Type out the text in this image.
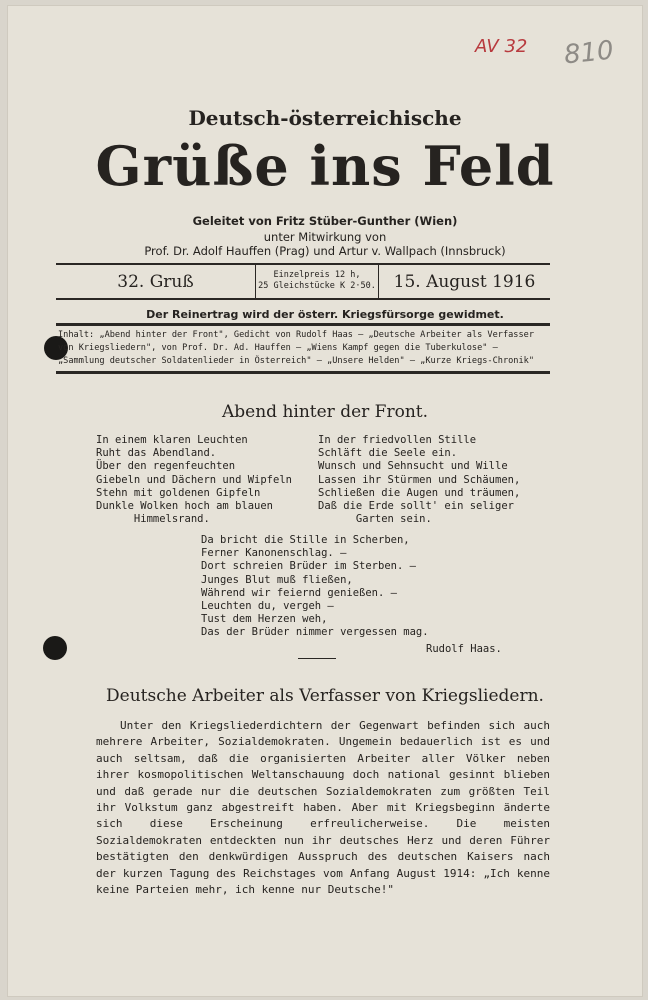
AV 32 810
Deutsch-österreichische
Grüße ins Feld
Geleitet von Fritz Stüber-Gunther (Wien)
unter Mitwirkung von
Prof. Dr. Adolf Hauffen (Prag) und Artur v. Wallpach (Innsbruck)
32. Gruß	Einzelpreis 12 h,
25 Gleichstücke K 2·50.	15. August 1916
Der Reinertrag wird der österr. Kriegsfürsorge gewidmet.
Inhalt: „Abend hinter der Front", Gedicht von Rudolf Haas — „Deutsche Arbeiter als Verfasser
von Kriegsliedern", von Prof. Dr. Ad. Hauffen — „Wiens Kampf gegen die Tuberkulose" —
„Sammlung deutscher Soldatenlieder in Österreich" — „Unsere Helden" — „Kurze Kriegs-Chronik"
Abend hinter der Front.
In einem klaren Leuchten
Ruht das Abendland.
Über den regenfeuchten
Giebeln und Dächern und Wipfeln
Stehn mit goldenen Gipfeln
Dunkle Wolken hoch am blauen
Himmelsrand.
In der friedvollen Stille
Schläft die Seele ein.
Wunsch und Sehnsucht und Wille
Lassen ihr Stürmen und Schäumen,
Schließen die Augen und träumen,
Daß die Erde sollt' ein seliger
Garten sein.
Da bricht die Stille in Scherben,
Ferner Kanonenschlag. —
Dort schreien Brüder im Sterben. —
Junges Blut muß fließen,
Während wir feiernd genießen. —
Leuchten du, vergeh —
Tust dem Herzen weh,
Das der Brüder nimmer vergessen mag.
Rudolf Haas.
Deutsche Arbeiter als Verfasser von Kriegsliedern.
Unter den Kriegsliederdichtern der Gegenwart befinden sich auch mehrere Arbeiter, Sozialdemokraten. Ungemein bedauerlich ist es und auch seltsam, daß die organisierten Arbeiter aller Völker neben ihrer kosmopolitischen Weltanschauung doch national gesinnt blieben und daß gerade nur die deutschen Sozialdemokraten zum größten Teil ihr Volkstum ganz abgestreift haben. Aber mit Kriegsbeginn änderte sich diese Erscheinung erfreulicherweise. Die meisten Sozialdemokraten entdeckten nun ihr deutsches Herz und deren Führer bestätigten den denkwürdigen Ausspruch des deutschen Kaisers nach der kurzen Tagung des Reichstages vom Anfang August 1914: „Ich kenne keine Parteien mehr, ich kenne nur Deutsche!"
